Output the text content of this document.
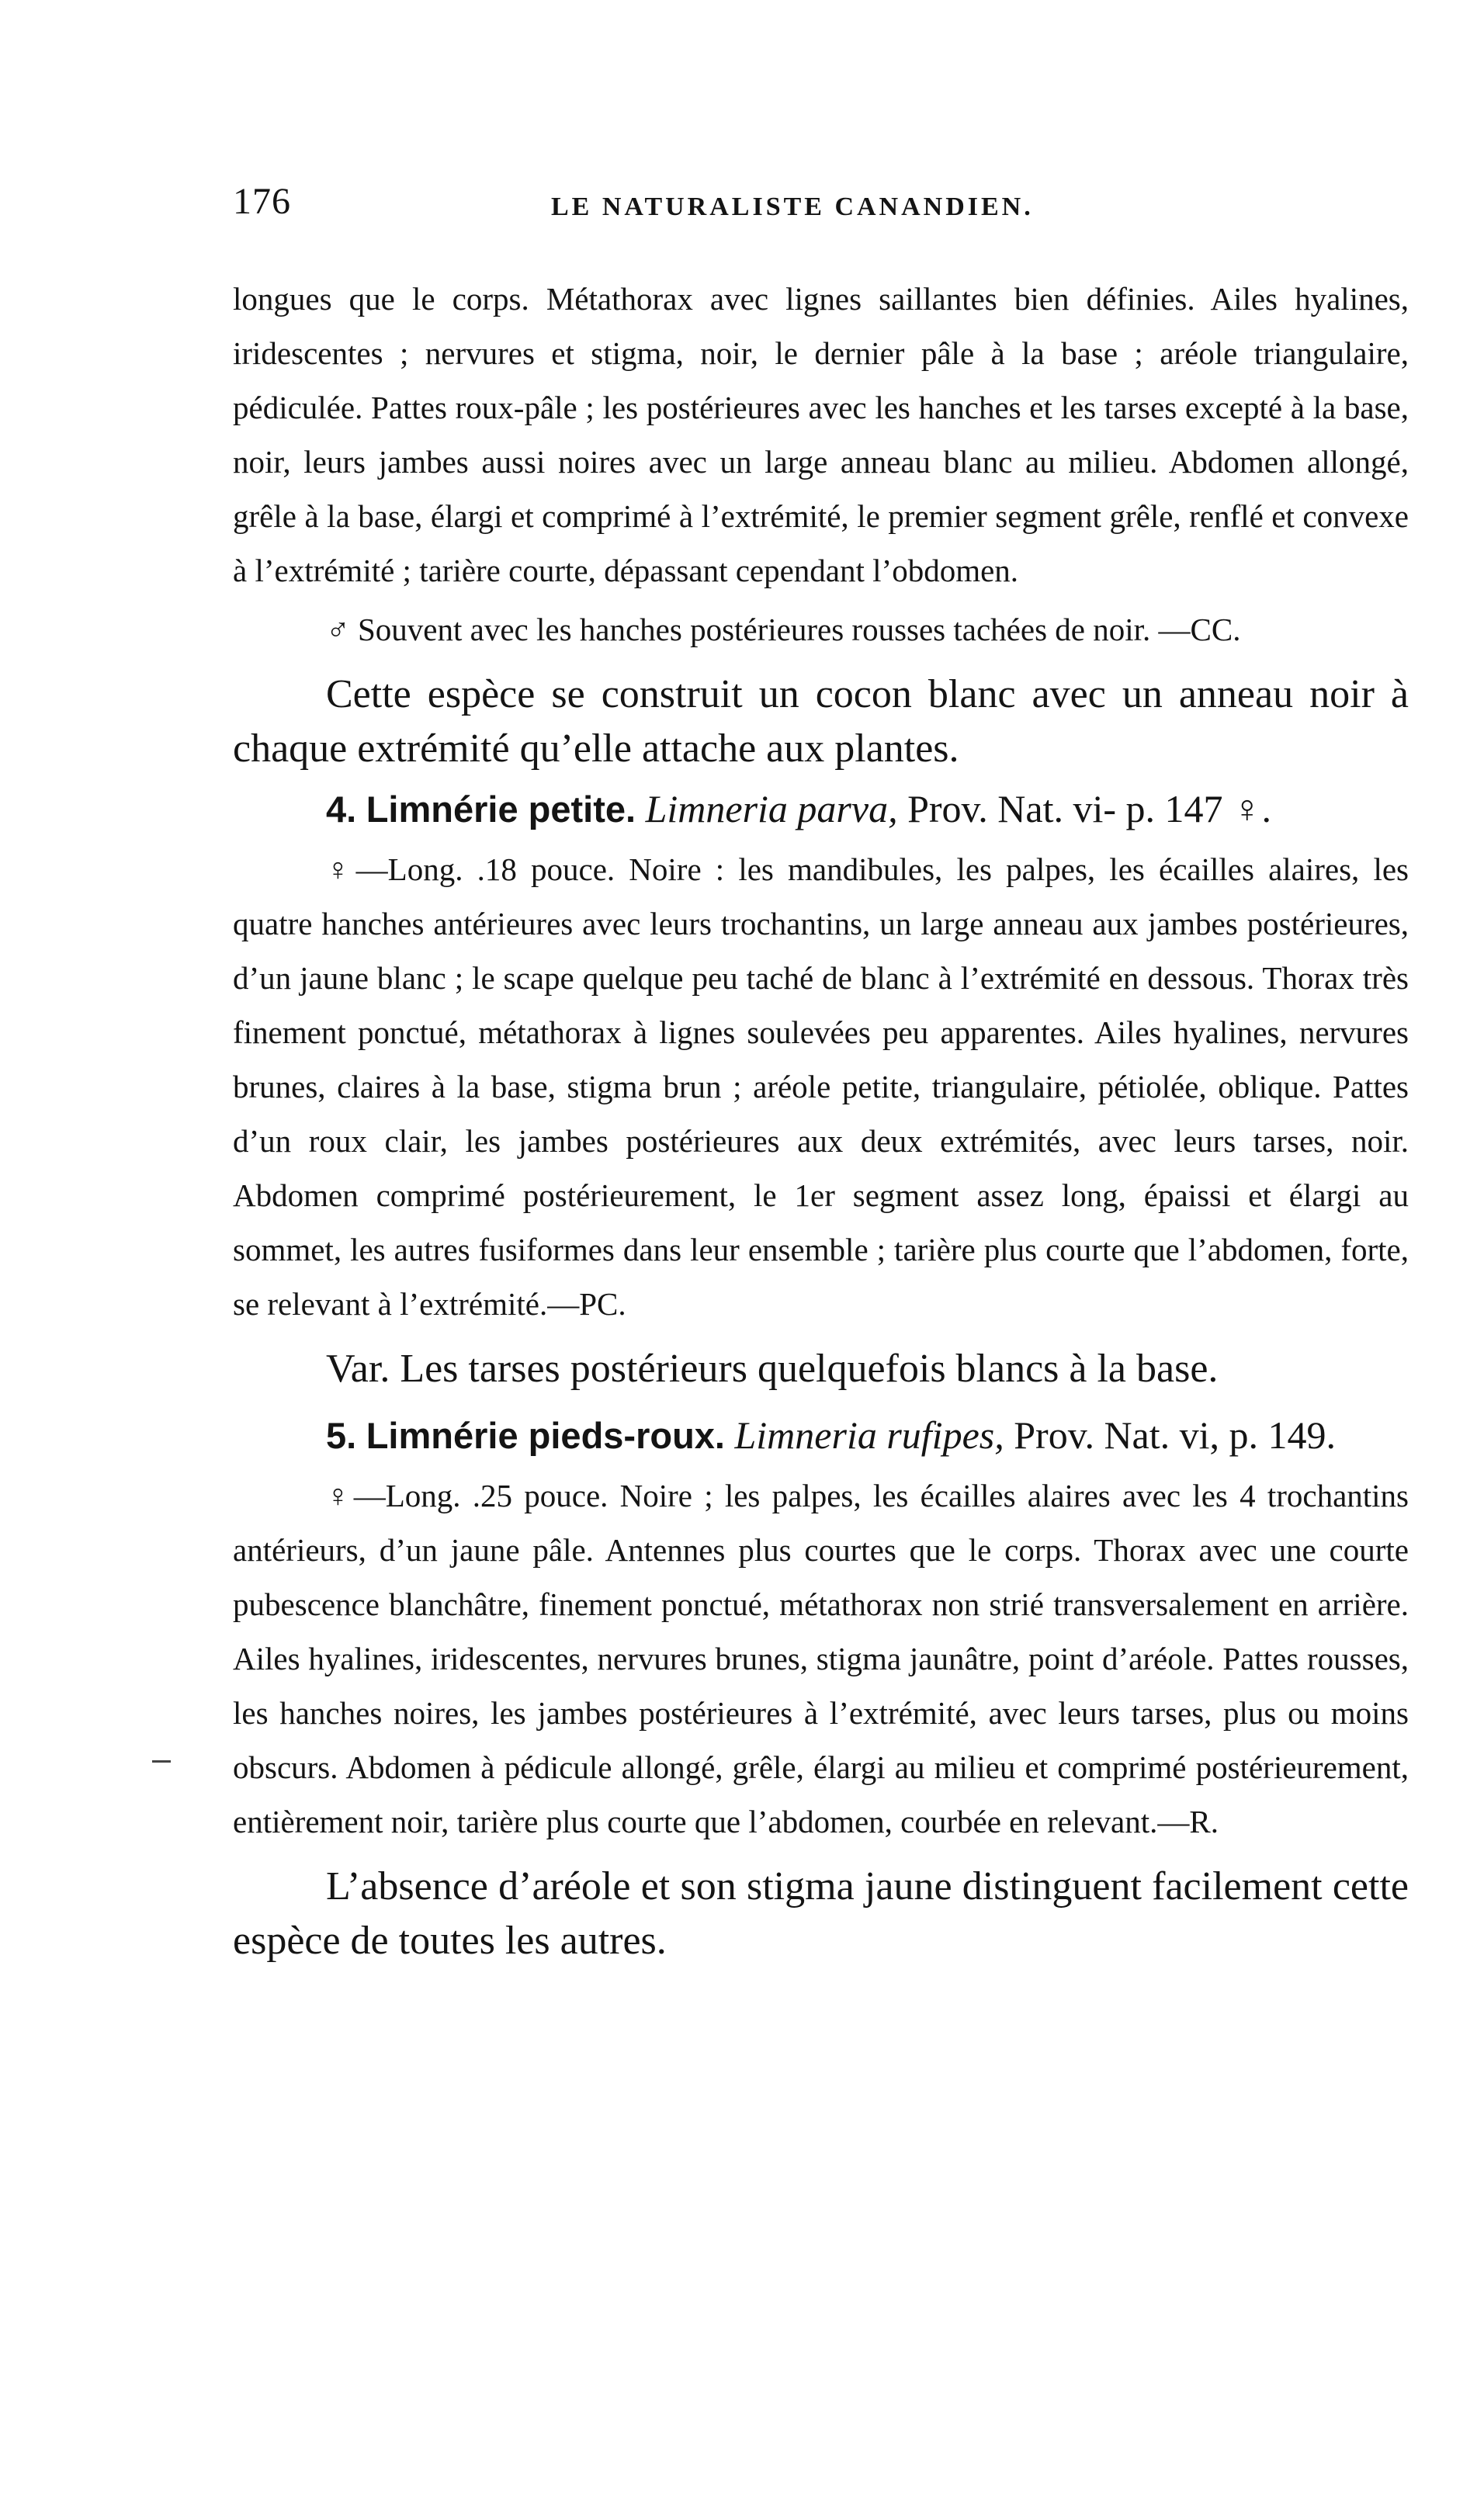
176	LE NATURALISTE CANANDIEN.

longues que le corps. Métathorax avec lignes saillantes bien définies. Ailes hyalines, iridescentes ; nervures et stigma, noir, le dernier pâle à la base ; aréole triangulaire, pédiculée. Pattes roux-pâle ; les postérieures avec les hanches et les tarses excepté à la base, noir, leurs jambes aussi noires avec un large anneau blanc au milieu. Abdomen allongé, grêle à la base, élargi et comprimé à l’extrémité, le premier segment grêle, renflé et convexe à l’extrémité ; tarière courte, dépassant cependant l’obdomen.

♂ Souvent avec les hanches postérieures rousses tachées de noir. —CC.

Cette espèce se construit un cocon blanc avec un anneau noir à chaque extrémité qu’elle attache aux plantes.

4. Limnérie petite. Limneria parva, Prov. Nat. vi- p. 147 ♀.

♀—Long. .18 pouce. Noire : les mandibules, les palpes, les écailles alaires, les quatre hanches antérieures avec leurs trochantins, un large anneau aux jambes postérieures, d’un jaune blanc ; le scape quelque peu taché de blanc à l’extrémité en dessous. Thorax très finement ponctué, métathorax à lignes soulevées peu apparentes. Ailes hyalines, nervures brunes, claires à la base, stigma brun ; aréole petite, triangulaire, pétiolée, oblique. Pattes d’un roux clair, les jambes postérieures aux deux extrémités, avec leurs tarses, noir. Abdomen comprimé postérieurement, le 1er segment assez long, épaissi et élargi au sommet, les autres fusiformes dans leur ensemble ; tarière plus courte que l’abdomen, forte, se relevant à l’extrémité.—PC.

Var. Les tarses postérieurs quelquefois blancs à la base.

5. Limnérie pieds-roux. Limneria rufipes, Prov. Nat. vi, p. 149.

♀—Long. .25 pouce. Noire ; les palpes, les écailles alaires avec les 4 trochantins antérieurs, d’un jaune pâle. Antennes plus courtes que le corps. Thorax avec une courte pubescence blanchâtre, finement ponctué, métathorax non strié transversalement en arrière. Ailes hyalines, iridescentes, nervures brunes, stigma jaunâtre, point d’aréole. Pattes rousses, les hanches noires, les jambes postérieures à l’extrémité, avec leurs tarses, plus ou moins obscurs. Abdomen à pédicule allongé, grêle, élargi au milieu et comprimé postérieurement, entièrement noir, tarière plus courte que l’abdomen, courbée en relevant.—R.

L’absence d’aréole et son stigma jaune distinguent facilement cette espèce de toutes les autres.
